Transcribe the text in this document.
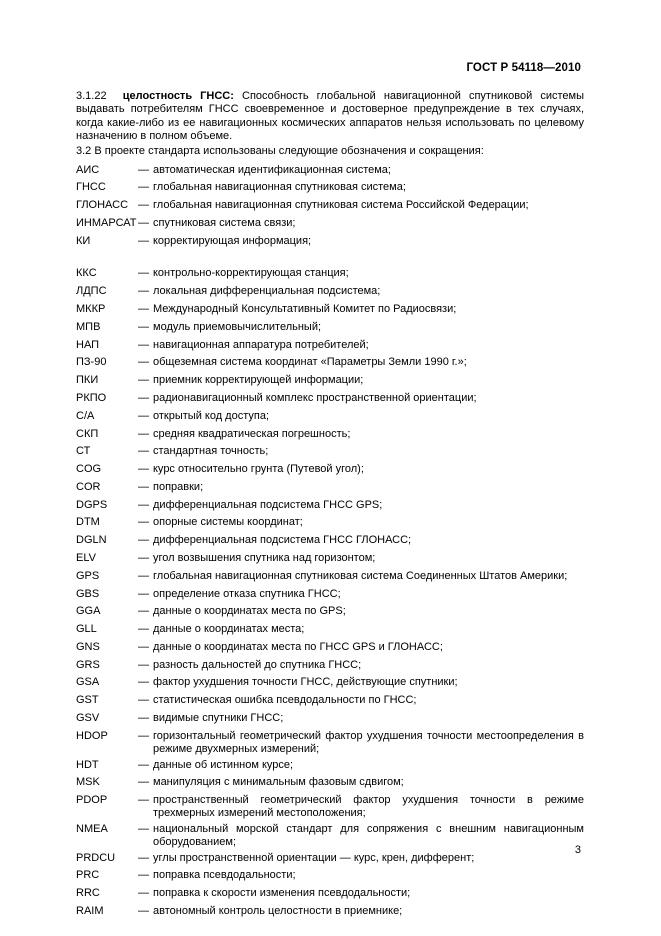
ГОСТ Р 54118—2010

3.1.22 целостность ГНСС: Способность глобальной навигационной спутниковой системы выдавать потребителям ГНСС своевременное и достоверное предупреждение в тех случаях, когда какие-либо из ее навигационных космических аппаратов нельзя использовать по целевому назначению в полном объеме.

3.2 В проекте стандарта использованы следующие обозначения и сокращения:

АИС	— автоматическая идентификационная система;
ГНСС	— глобальная навигационная спутниковая система;
ГЛОНАСС — глобальная навигационная спутниковая система Российской Федерации;
ИНМАРСАТ — спутниковая система связи;
КИ	— корректирующая информация;
ККС	— контрольно-корректирующая станция;
ЛДПС	— локальная дифференциальная подсистема;
МККР	— Международный Консультативный Комитет по Радиосвязи;
МПВ	— модуль приемовычислительный;
НАП	— навигационная аппаратура потребителей;
ПЗ-90	— общеземная система координат «Параметры Земли 1990 г.»;
ПКИ	— приемник корректирующей информации;
РКПО	— радионавигационный комплекс пространственной ориентации;
С/А	— открытый код доступа;
СКП	— средняя квадратическая погрешность;
СТ	— стандартная точность;
COG	— курс относительно грунта (Путевой угол);
COR	— поправки;
DGPS	— дифференциальная подсистема ГНСС GPS;
DTM	— опорные системы координат;
DGLN	— дифференциальная подсистема ГНСС ГЛОНАСС;
ELV	— угол возвышения спутника над горизонтом;
GPS	— глобальная навигационная спутниковая система Соединенных Штатов Америки;
GBS	— определение отказа спутника ГНСС;
GGA	— данные о координатах места по GPS;
GLL	— данные о координатах места;
GNS	— данные о координатах места по ГНСС GPS и ГЛОНАСС;
GRS	— разность дальностей до спутника ГНСС;
GSA	— фактор ухудшения точности ГНСС, действующие спутники;
GST	— статистическая ошибка псевдодальности по ГНСС;
GSV	— видимые спутники ГНСС;
HDOP	— горизонтальный геометрический фактор ухудшения точности местоопределения в режиме двухмерных измерений;
HDT	— данные об истинном курсе;
MSK	— манипуляция с минимальным фазовым сдвигом;
PDOP	— пространственный геометрический фактор ухудшения точности в режиме трехмерных измерений местоположения;
NMEA	— национальный морской стандарт для сопряжения с внешним навигационным оборудованием;
PRDCU	— углы пространственной ориентации — курс, крен, дифферент;
PRC	— поправка псевдодальности;
RRC	— поправка к скорости изменения псевдодальности;
RAIM	— автономный контроль целостности в приемнике;
3
